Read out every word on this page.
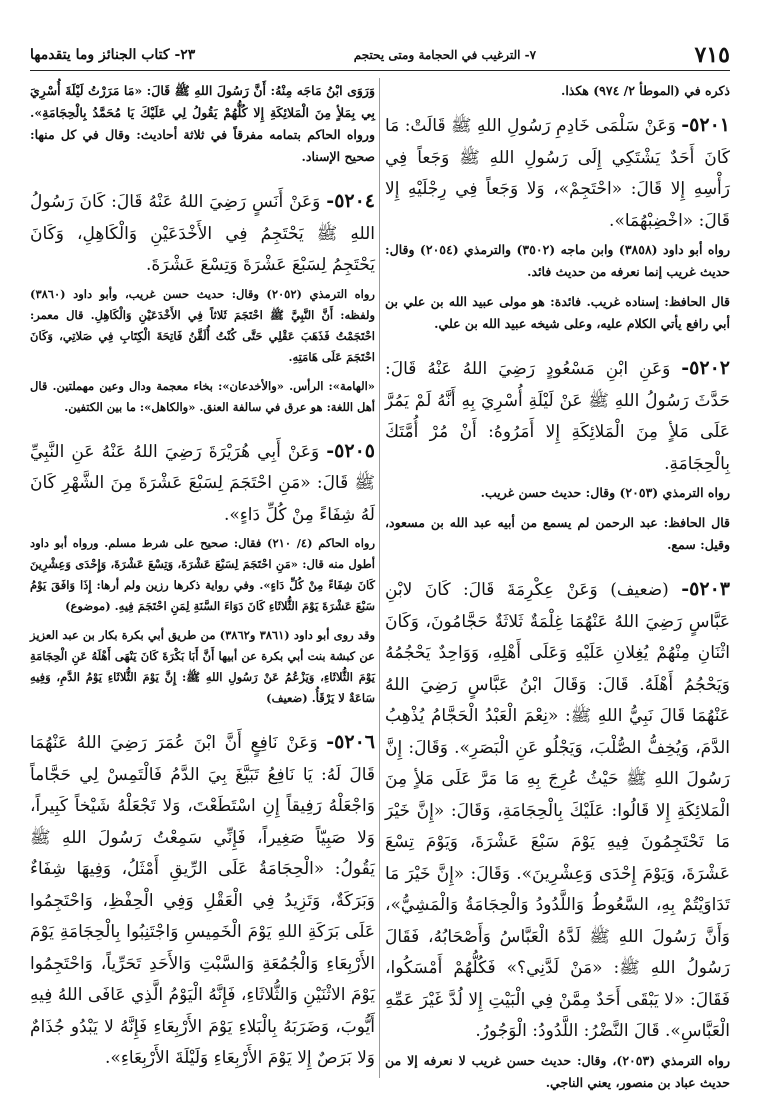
٧١٥
٧- الترغيب في الحجامة ومتى يحتجم
٢٣- كتاب الجنائز وما يتقدمها

ذكره في (الموطأ ٢/ ٩٧٤) هكذا.

٥٢٠١- وَعَنْ سَلْمَى خَادِمِ رَسُولِ اللهِ ﷺ قَالَتْ: مَا كَانَ أَحَدٌ يَشْتَكِي إِلَى رَسُولِ اللهِ ﷺ وَجَعاً فِي رَأْسِهِ إِلا قَالَ: «احْتَجِمْ»، وَلا وَجَعاً فِي رِجْلَيْهِ إِلا قَالَ: «اخْضِبْهُمَا».

رواه أبو داود (٣٨٥٨) وابن ماجه (٣٥٠٢) والترمذي (٢٠٥٤) وقال: حديث غريب إنما نعرفه من حديث فائد.

قال الحافظ: إسناده غريب. فائدة: هو مولى عبيد الله بن علي بن أبي رافع يأتي الكلام عليه، وعلى شيخه عبيد الله بن علي.

٥٢٠٢- وَعَنِ ابْنِ مَسْعُودٍ رَضِيَ اللهُ عَنْهُ قَالَ: حَدَّثَ رَسُولُ اللهِ ﷺ عَنْ لَيْلَةِ أُسْرِيَ بِهِ أَنَّهُ لَمْ يَمُرَّ عَلَى مَلأٍ مِنَ الْمَلائِكَةِ إِلا أَمَرُوهُ: أَنْ مُرْ أُمَّتَكَ بِالْحِجَامَةِ.

رواه الترمذي (٢٠٥٣) وقال: حديث حسن غريب.

قال الحافظ: عبد الرحمن لم يسمع من أبيه عبد الله بن مسعود، وقيل: سمع.

٥٢٠٣- (ضعيف) وَعَنْ عِكْرِمَةَ قَالَ: كَانَ لابْنِ عَبَّاسٍ رَضِيَ اللهُ عَنْهُمَا غِلْمَةٌ ثَلاثَةٌ حَجَّامُونَ، وَكَانَ اثْنَانِ مِنْهُمْ يُغِلانِ عَلَيْهِ وَعَلَى أَهْلِهِ، وَوَاحِدٌ يَحْجُمُهُ وَيَحْجُمُ أَهْلَهُ. قَالَ: وَقَالَ ابْنُ عَبَّاسٍ رَضِيَ اللهُ عَنْهُمَا قَالَ نَبِيُّ اللهِ ﷺ: «نِعْمَ الْعَبْدُ الْحَجَّامُ يُذْهِبُ الدَّمَ، وَيُخِفُّ الصُّلْبَ، وَيَجْلُو عَنِ الْبَصَرِ». وَقَالَ: إِنَّ رَسُولَ اللهِ ﷺ حَيْثُ عُرِجَ بِهِ مَا مَرَّ عَلَى مَلأٍ مِنَ الْمَلائِكَةِ إِلا قَالُوا: عَلَيْكَ بِالْحِجَامَةِ، وَقَالَ: «إِنَّ خَيْرَ مَا تَحْتَجِمُونَ فِيهِ يَوْمَ سَبْعَ عَشْرَةَ، وَيَوْمَ تِسْعَ عَشْرَةَ، وَيَوْمَ إِحْدَى وَعِشْرِينَ». وَقَالَ: «إِنَّ خَيْرَ مَا تَدَاوَيْتُمْ بِهِ، السَّعُوطُ وَاللَّدُودُ وَالْحِجَامَةُ وَالْمَشِيُّ»، وَأَنَّ رَسُولَ اللهِ ﷺ لَدَّهُ الْعَبَّاسُ وَأَصْحَابُهُ، فَقَالَ رَسُولُ اللهِ ﷺ: «مَنْ لَدَّنِي؟» فَكُلُّهُمْ أَمْسَكُوا، فَقَالَ: «لا يَبْقَى أَحَدٌ مِمَّنْ فِي الْبَيْتِ إِلا لُدَّ غَيْرَ عَمِّهِ الْعَبَّاسِ». قَالَ النَّضْرُ: اللَّدُودُ: الْوَجُورُ.

رواه الترمذي (٢٠٥٣)، وقال: حديث حسن غريب لا نعرفه إلا من حديث عباد بن منصور، يعني الناجي.

وَرَوَى ابْنُ مَاجَه مِنْهُ: أَنَّ رَسُولَ اللهِ ﷺ قَالَ: «مَا مَرَرْتُ لَيْلَةَ أُسْرِيَ بِي بِمَلأٍ مِنَ الْمَلائِكَةِ إِلا كُلُّهُمْ يَقُولُ لِي عَلَيْكَ يَا مُحَمَّدُ بِالْحِجَامَةِ». ورواه الحاكم بتمامه مفرقاً في ثلاثة أحاديث: وقال في كل منها: صحيح الإسناد.

٥٢٠٤- وَعَنْ أَنَسٍ رَضِيَ اللهُ عَنْهُ قَالَ: كَانَ رَسُولُ اللهِ ﷺ يَحْتَجِمُ فِي الأَخْدَعَيْنِ وَالْكَاهِلِ، وَكَانَ يَحْتَجِمُ لِسَبْعَ عَشْرَةَ وَتِسْعَ عَشْرَةَ.

رواه الترمذي (٢٠٥٢) وقال: حديث حسن غريب، وأبو داود (٣٨٦٠) ولفظه: أَنَّ النَّبِيَّ ﷺ احْتَجَمَ ثَلاثاً فِي الأَخْدَعَيْنِ وَالْكَاهِلِ. قال معمر: احْتَجَمْتُ فَذَهَبَ عَقْلِي حَتَّى كُنْتُ أُلَقَّنُ فَاتِحَةَ الْكِتَابِ فِي صَلاتِي، وَكَانَ احْتَجَمَ عَلَى هَامَتِهِ.

«الهامة»: الرأس. «والأخدعان»: بخاء معجمة ودال وعين مهملتين. قال أهل اللغة: هو عرق في سالفة العنق. «والكاهل»: ما بين الكتفين.

٥٢٠٥- وَعَنْ أَبِي هُرَيْرَةَ رَضِيَ اللهُ عَنْهُ عَنِ النَّبِيِّ ﷺ قَالَ: «مَنِ احْتَجَمَ لِسَبْعَ عَشْرَةَ مِنَ الشَّهْرِ كَانَ لَهُ شِفَاءً مِنْ كُلِّ دَاءٍ».

رواه الحاكم (٤/ ٢١٠) فقال: صحيح على شرط مسلم. ورواه أبو داود أطول منه قال: «مَنِ احْتَجَمَ لِسَبْعَ عَشْرَةَ، وَتِسْعَ عَشْرَةَ، وَإِحْدَى وَعِشْرِينَ كَانَ شِفَاءً مِنْ كُلِّ دَاءٍ». وفي رواية ذكرها رزين ولم أرها: إِذَا وَافَقَ يَوْمُ سَبْعَ عَشْرَةَ يَوْمَ الثُّلاثَاءِ كَانَ دَوَاءَ السَّنَةِ لِمَنِ احْتَجَمَ فِيهِ. (موضوع)

وقد روى أبو داود (٣٨٦١ و٣٨٦٢) من طريق أبي بكرة بكار بن عبد العزيز عن كبشة بنت أبي بكرة عن أبيها أَنَّ أَبَا بَكْرَةَ كَانَ يَنْهَى أَهْلَهُ عَنِ الْحِجَامَةِ يَوْمَ الثُّلاثَاءِ، وَيَزْعُمُ عَنْ رَسُولِ اللهِ ﷺ: إِنَّ يَوْمَ الثُّلاثَاءِ يَوْمُ الدَّمِ، وَفِيهِ سَاعَةٌ لا يَرْقَأُ. (ضعيف)

٥٢٠٦- وَعَنْ نَافِعٍ أَنَّ ابْنَ عُمَرَ رَضِيَ اللهُ عَنْهُمَا قَالَ لَهُ: يَا نَافِعُ تَبَيَّغَ بِيَ الدَّمُ فَالْتَمِسْ لِي حَجَّاماً وَاجْعَلْهُ رَفِيقاً إِنِ اسْتَطَعْتَ، وَلا تَجْعَلْهُ شَيْخاً كَبِيراً، وَلا صَبِيّاً صَغِيراً، فَإِنِّي سَمِعْتُ رَسُولَ اللهِ ﷺ يَقُولُ: «الْحِجَامَةُ عَلَى الرِّيقِ أَمْثَلُ، وَفِيهَا شِفَاءٌ وَبَرَكَةٌ، وَتَزِيدُ فِي الْعَقْلِ وَفِي الْحِفْظِ، وَاحْتَجِمُوا عَلَى بَرَكَةِ اللهِ يَوْمَ الْخَمِيسِ وَاجْتَنِبُوا بِالْحِجَامَةِ يَوْمَ الأَرْبِعَاءِ وَالْجُمُعَةِ وَالسَّبْتِ وَالأَحَدِ تَحَرِّياً، وَاحْتَجِمُوا يَوْمَ الاثْنَيْنِ وَالثُّلاثَاءِ، فَإِنَّهُ الْيَوْمُ الَّذِي عَافَى اللهُ فِيهِ أَيُّوبَ، وَضَرَبَهُ بِالْبَلاءِ يَوْمَ الأَرْبِعَاءِ فَإِنَّهُ لا يَبْدُو جُذَامٌ وَلا بَرَصٌ إِلا يَوْمَ الأَرْبِعَاءِ وَلَيْلَةَ الأَرْبِعَاءِ».
